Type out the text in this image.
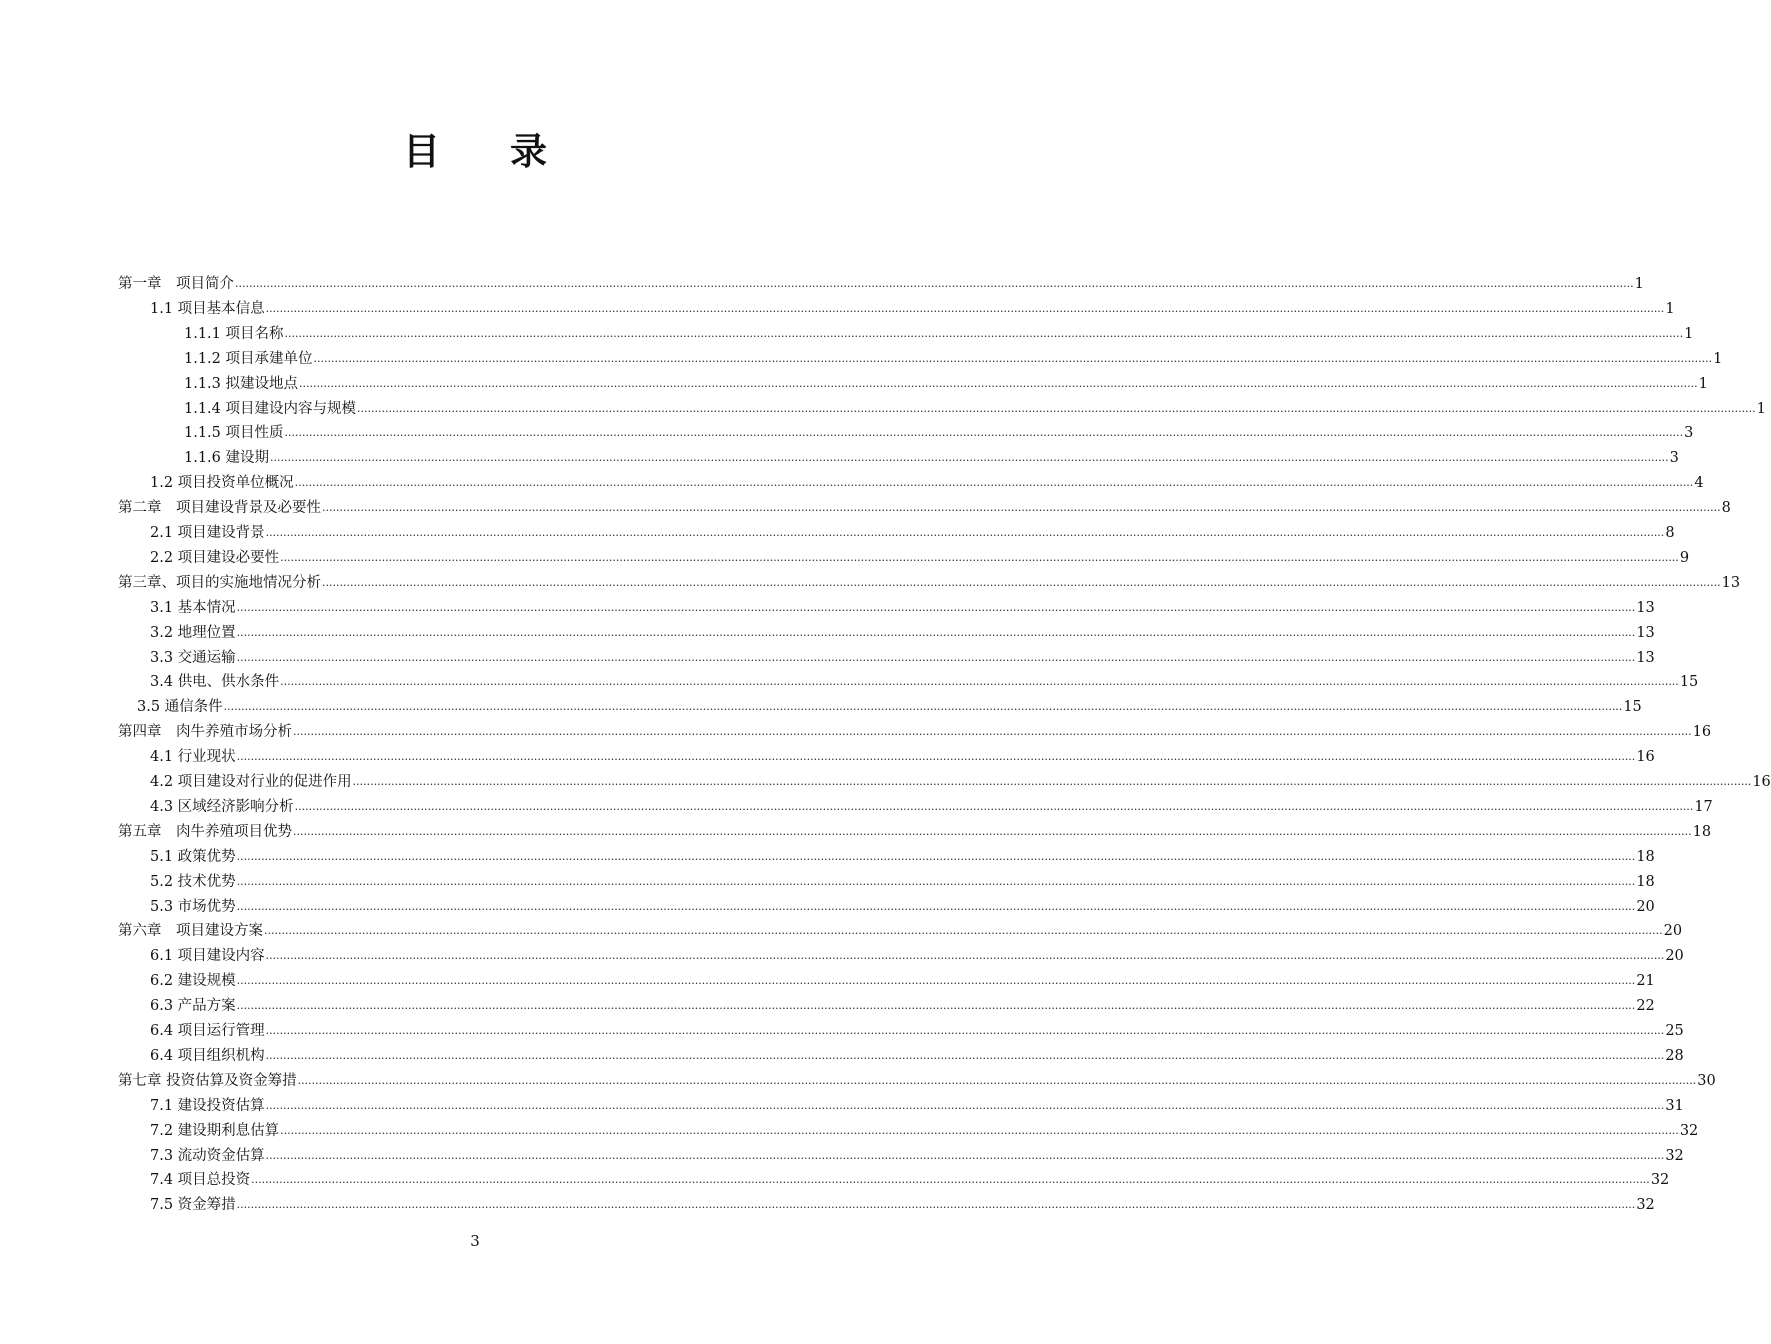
目录
第一章　项目简介 ................................................................................................................................................................................................................................................................................................................................................................................................................ 1
1.1 项目基本信息 ................................................................................................................................................................................................................................................................................................................................................................................................................ 1
1.1.1 项目名称 ................................................................................................................................................................................................................................................................................................................................................................................................................ 1
1.1.2 项目承建单位 ................................................................................................................................................................................................................................................................................................................................................................................................................ 1
1.1.3 拟建设地点 ................................................................................................................................................................................................................................................................................................................................................................................................................ 1
1.1.4 项目建设内容与规模 ................................................................................................................................................................................................................................................................................................................................................................................................................ 1
1.1.5 项目性质 ................................................................................................................................................................................................................................................................................................................................................................................................................ 3
1.1.6 建设期 ................................................................................................................................................................................................................................................................................................................................................................................................................ 3
1.2 项目投资单位概况 ................................................................................................................................................................................................................................................................................................................................................................................................................ 4
第二章　项目建设背景及必要性 ................................................................................................................................................................................................................................................................................................................................................................................................................ 8
2.1 项目建设背景 ................................................................................................................................................................................................................................................................................................................................................................................................................ 8
2.2 项目建设必要性 ................................................................................................................................................................................................................................................................................................................................................................................................................ 9
第三章、项目的实施地情况分析 ................................................................................................................................................................................................................................................................................................................................................................................................................ 13
3.1 基本情况 ................................................................................................................................................................................................................................................................................................................................................................................................................ 13
3.2 地理位置 ................................................................................................................................................................................................................................................................................................................................................................................................................ 13
3.3 交通运输 ................................................................................................................................................................................................................................................................................................................................................................................................................ 13
3.4 供电、供水条件 ................................................................................................................................................................................................................................................................................................................................................................................................................ 15
3.5 通信条件 ................................................................................................................................................................................................................................................................................................................................................................................................................ 15
第四章　肉牛养殖市场分析 ................................................................................................................................................................................................................................................................................................................................................................................................................ 16
4.1 行业现状 ................................................................................................................................................................................................................................................................................................................................................................................................................ 16
4.2 项目建设对行业的促进作用 ................................................................................................................................................................................................................................................................................................................................................................................................................ 16
4.3 区域经济影响分析 ................................................................................................................................................................................................................................................................................................................................................................................................................ 17
第五章　肉牛养殖项目优势 ................................................................................................................................................................................................................................................................................................................................................................................................................ 18
5.1 政策优势 ................................................................................................................................................................................................................................................................................................................................................................................................................ 18
5.2 技术优势 ................................................................................................................................................................................................................................................................................................................................................................................................................ 18
5.3 市场优势 ................................................................................................................................................................................................................................................................................................................................................................................................................ 20
第六章　项目建设方案 ................................................................................................................................................................................................................................................................................................................................................................................................................ 20
6.1 项目建设内容 ................................................................................................................................................................................................................................................................................................................................................................................................................ 20
6.2 建设规模 ................................................................................................................................................................................................................................................................................................................................................................................................................ 21
6.3 产品方案 ................................................................................................................................................................................................................................................................................................................................................................................................................ 22
6.4 项目运行管理 ................................................................................................................................................................................................................................................................................................................................................................................................................ 25
6.4 项目组织机构 ................................................................................................................................................................................................................................................................................................................................................................................................................ 28
第七章 投资估算及资金筹措 ................................................................................................................................................................................................................................................................................................................................................................................................................ 30
7.1 建设投资估算 ................................................................................................................................................................................................................................................................................................................................................................................................................ 31
7.2 建设期利息估算 ................................................................................................................................................................................................................................................................................................................................................................................................................ 32
7.3 流动资金估算 ................................................................................................................................................................................................................................................................................................................................................................................................................ 32
7.4 项目总投资 ................................................................................................................................................................................................................................................................................................................................................................................................................ 32
7.5 资金筹措 ................................................................................................................................................................................................................................................................................................................................................................................................................ 32
3
